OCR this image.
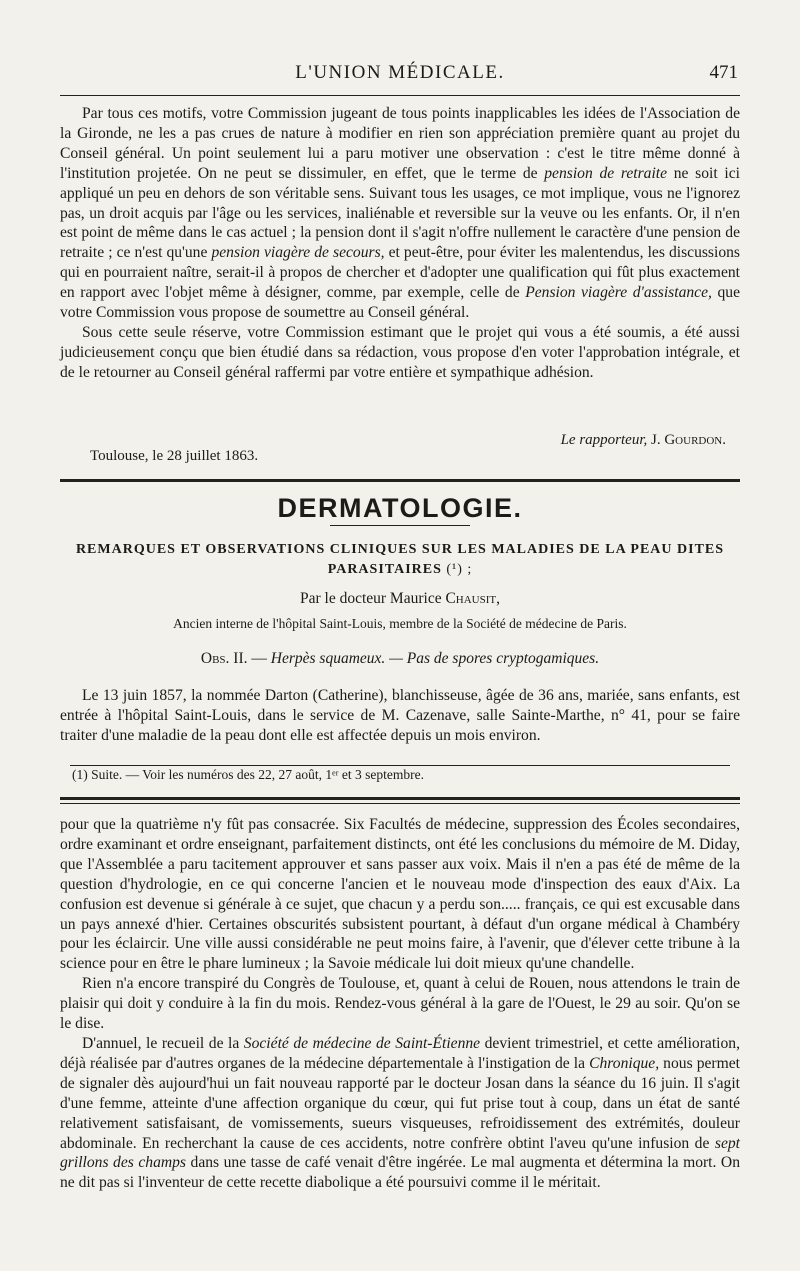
L'UNION MÉDICALE.	471

Par tous ces motifs, votre Commission jugeant de tous points inapplicables les idées de l'Association de la Gironde, ne les a pas crues de nature à modifier en rien son appréciation première quant au projet du Conseil général. Un point seulement lui a paru motiver une observation : c'est le titre même donné à l'institution projetée. On ne peut se dissimuler, en effet, que le terme de pension de retraite ne soit ici appliqué un peu en dehors de son véritable sens. Suivant tous les usages, ce mot implique, vous ne l'ignorez pas, un droit acquis par l'âge ou les services, inaliénable et reversible sur la veuve ou les enfants. Or, il n'en est point de même dans le cas actuel ; la pension dont il s'agit n'offre nullement le caractère d'une pension de retraite ; ce n'est qu'une pension viagère de secours, et peut-être, pour éviter les malentendus, les discussions qui en pourraient naître, serait-il à propos de chercher et d'adopter une qualification qui fût plus exactement en rapport avec l'objet même à désigner, comme, par exemple, celle de Pension viagère d'assistance, que votre Commission vous propose de soumettre au Conseil général.

Sous cette seule réserve, votre Commission estimant que le projet qui vous a été soumis, a été aussi judicieusement conçu que bien étudié dans sa rédaction, vous propose d'en voter l'approbation intégrale, et de le retourner au Conseil général raffermi par votre entière et sympathique adhésion.

Le rapporteur, J. Gourdon.
Toulouse, le 28 juillet 1863.
DERMATOLOGIE.
REMARQUES ET OBSERVATIONS CLINIQUES SUR LES MALADIES DE LA PEAU DITES
PARASITAIRES (¹) ;
Par le docteur Maurice Chausit,
Ancien interne de l'hôpital Saint-Louis, membre de la Société de médecine de Paris.
Obs. II. — Herpès squameux. — Pas de spores cryptogamiques.

Le 13 juin 1857, la nommée Darton (Catherine), blanchisseuse, âgée de 36 ans, mariée, sans enfants, est entrée à l'hôpital Saint-Louis, dans le service de M. Cazenave, salle Sainte-Marthe, n° 41, pour se faire traiter d'une maladie de la peau dont elle est affectée depuis un mois environ.

(1) Suite. — Voir les numéros des 22, 27 août, 1ᵉʳ et 3 septembre.

pour que la quatrième n'y fût pas consacrée. Six Facultés de médecine, suppression des Écoles secondaires, ordre examinant et ordre enseignant, parfaitement distincts, ont été les conclusions du mémoire de M. Diday, que l'Assemblée a paru tacitement approuver et sans passer aux voix. Mais il n'en a pas été de même de la question d'hydrologie, en ce qui concerne l'ancien et le nouveau mode d'inspection des eaux d'Aix. La confusion est devenue si générale à ce sujet, que chacun y a perdu son..... français, ce qui est excusable dans un pays annexé d'hier. Certaines obscurités subsistent pourtant, à défaut d'un organe médical à Chambéry pour les éclaircir. Une ville aussi considérable ne peut moins faire, à l'avenir, que d'élever cette tribune à la science pour en être le phare lumineux ; la Savoie médicale lui doit mieux qu'une chandelle.

Rien n'a encore transpiré du Congrès de Toulouse, et, quant à celui de Rouen, nous attendons le train de plaisir qui doit y conduire à la fin du mois. Rendez-vous général à la gare de l'Ouest, le 29 au soir. Qu'on se le dise.

D'annuel, le recueil de la Société de médecine de Saint-Étienne devient trimestriel, et cette amélioration, déjà réalisée par d'autres organes de la médecine départementale à l'instigation de la Chronique, nous permet de signaler dès aujourd'hui un fait nouveau rapporté par le docteur Josan dans la séance du 16 juin. Il s'agit d'une femme, atteinte d'une affection organique du cœur, qui fut prise tout à coup, dans un état de santé relativement satisfaisant, de vomissements, sueurs visqueuses, refroidissement des extrémités, douleur abdominale. En recherchant la cause de ces accidents, notre confrère obtint l'aveu qu'une infusion de sept grillons des champs dans une tasse de café venait d'être ingérée. Le mal augmenta et détermina la mort. On ne dit pas si l'inventeur de cette recette diabolique a été poursuivi comme il le méritait.
